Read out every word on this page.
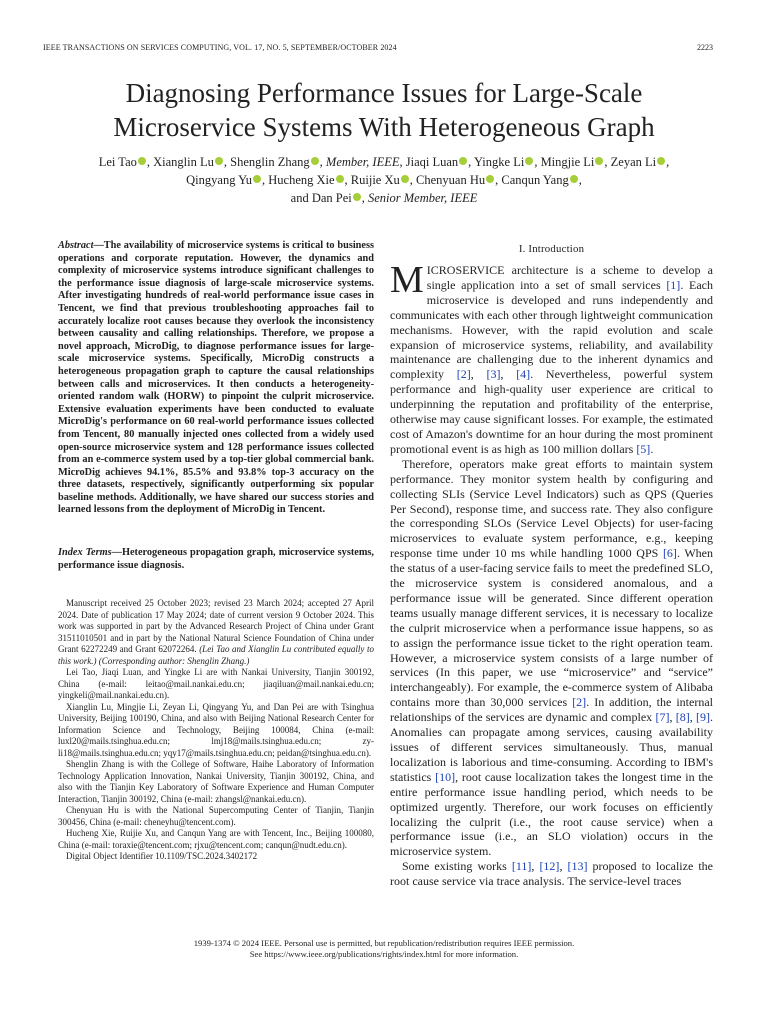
IEEE TRANSACTIONS ON SERVICES COMPUTING, VOL. 17, NO. 5, SEPTEMBER/OCTOBER 2024	2223
Diagnosing Performance Issues for Large-Scale
Microservice Systems With Heterogeneous Graph
Lei Tao , Xianglin Lu , Shenglin Zhang , Member, IEEE, Jiaqi Luan , Yingke Li , Mingjie Li , Zeyan Li ,
Qingyang Yu , Hucheng Xie , Ruijie Xu , Chenyuan Hu , Canqun Yang ,
and Dan Pei , Senior Member, IEEE
Abstract—The availability of microservice systems is critical to business operations and corporate reputation. However, the dynamics and complexity of microservice systems introduce significant challenges to the performance issue diagnosis of large-scale microservice systems. After investigating hundreds of real-world performance issue cases in Tencent, we find that previous troubleshooting approaches fail to accurately localize root causes because they overlook the inconsistency between causality and calling relationships. Therefore, we propose a novel approach, MicroDig, to diagnose performance issues for large-scale microservice systems. Specifically, MicroDig constructs a heterogeneous propagation graph to capture the causal relationships between calls and microservices. It then conducts a heterogeneity-oriented random walk (HORW) to pinpoint the culprit microservice. Extensive evaluation experiments have been conducted to evaluate MicroDig's performance on 60 real-world performance issues collected from Tencent, 80 manually injected ones collected from a widely used open-source microservice system and 128 performance issues collected from an e-commerce system used by a top-tier global commercial bank. MicroDig achieves 94.1%, 85.5% and 93.8% top-3 accuracy on the three datasets, respectively, significantly outperforming six popular baseline methods. Additionally, we have shared our success stories and learned lessons from the deployment of MicroDig in Tencent.
Index Terms—Heterogeneous propagation graph, microservice systems, performance issue diagnosis.

Manuscript received 25 October 2023; revised 23 March 2024; accepted 27 April 2024. Date of publication 17 May 2024; date of current version 9 October 2024. This work was supported in part by the Advanced Research Project of China under Grant 31511010501 and in part by the National Natural Science Foundation of China under Grant 62272249 and Grant 62072264. (Lei Tao and Xianglin Lu contributed equally to this work.) (Corresponding author: Shenglin Zhang.)

Lei Tao, Jiaqi Luan, and Yingke Li are with Nankai University, Tianjin 300192, China (e-mail: leitao@mail.nankai.edu.cn; jiaqiluan@mail.nankai.edu.cn; yingkeli@mail.nankai.edu.cn).

Xianglin Lu, Mingjie Li, Zeyan Li, Qingyang Yu, and Dan Pei are with Tsinghua University, Beijing 100190, China, and also with Beijing National Research Center for Information Science and Technology, Beijing 100084, China (e-mail: luxl20@mails.tsinghua.edu.cn; lmj18@mails.tsinghua.edu.cn; zy-li18@mails.tsinghua.edu.cn; yqy17@mails.tsinghua.edu.cn; peidan@tsinghua.edu.cn).

Shenglin Zhang is with the College of Software, Haihe Laboratory of Information Technology Application Innovation, Nankai University, Tianjin 300192, China, and also with the Tianjin Key Laboratory of Software Experience and Human Computer Interaction, Tianjin 300192, China (e-mail: zhangsl@nankai.edu.cn).

Chenyuan Hu is with the National Supercomputing Center of Tianjin, Tianjin 300456, China (e-mail: cheneyhu@tencent.com).

Hucheng Xie, Ruijie Xu, and Canqun Yang are with Tencent, Inc., Beijing 100080, China (e-mail: toraxie@tencent.com; rjxu@tencent.com; canqun@nudt.edu.cn).

Digital Object Identifier 10.1109/TSC.2024.3402172

I. Introduction

MICROSERVICE architecture is a scheme to develop a single application into a set of small services [1]. Each microservice is developed and runs independently and communicates with each other through lightweight communication mechanisms. However, with the rapid evolution and scale expansion of microservice systems, reliability, and availability maintenance are challenging due to the inherent dynamics and complexity [2], [3], [4]. Nevertheless, powerful system performance and high-quality user experience are critical to underpinning the reputation and profitability of the enterprise, otherwise may cause significant losses. For example, the estimated cost of Amazon's downtime for an hour during the most prominent promotional event is as high as 100 million dollars [5].

Therefore, operators make great efforts to maintain system performance. They monitor system health by configuring and collecting SLIs (Service Level Indicators) such as QPS (Queries Per Second), response time, and success rate. They also configure the corresponding SLOs (Service Level Objects) for user-facing microservices to evaluate system performance, e.g., keeping response time under 10 ms while handling 1000 QPS [6]. When the status of a user-facing service fails to meet the predefined SLO, the microservice system is considered anomalous, and a performance issue will be generated. Since different operation teams usually manage different services, it is necessary to localize the culprit microservice when a performance issue happens, so as to assign the performance issue ticket to the right operation team. However, a microservice system consists of a large number of services (In this paper, we use “microservice” and “service” interchangeably). For example, the e-commerce system of Alibaba contains more than 30,000 services [2]. In addition, the internal relationships of the services are dynamic and complex [7], [8], [9]. Anomalies can propagate among services, causing availability issues of different services simultaneously. Thus, manual localization is laborious and time-consuming. According to IBM's statistics [10], root cause localization takes the longest time in the entire performance issue handling period, which needs to be optimized urgently. Therefore, our work focuses on efficiently localizing the culprit (i.e., the root cause service) when a performance issue (i.e., an SLO violation) occurs in the microservice system.

Some existing works [11], [12], [13] proposed to localize the root cause service via trace analysis. The service-level traces

1939-1374 © 2024 IEEE. Personal use is permitted, but republication/redistribution requires IEEE permission.
See https://www.ieee.org/publications/rights/index.html for more information.
